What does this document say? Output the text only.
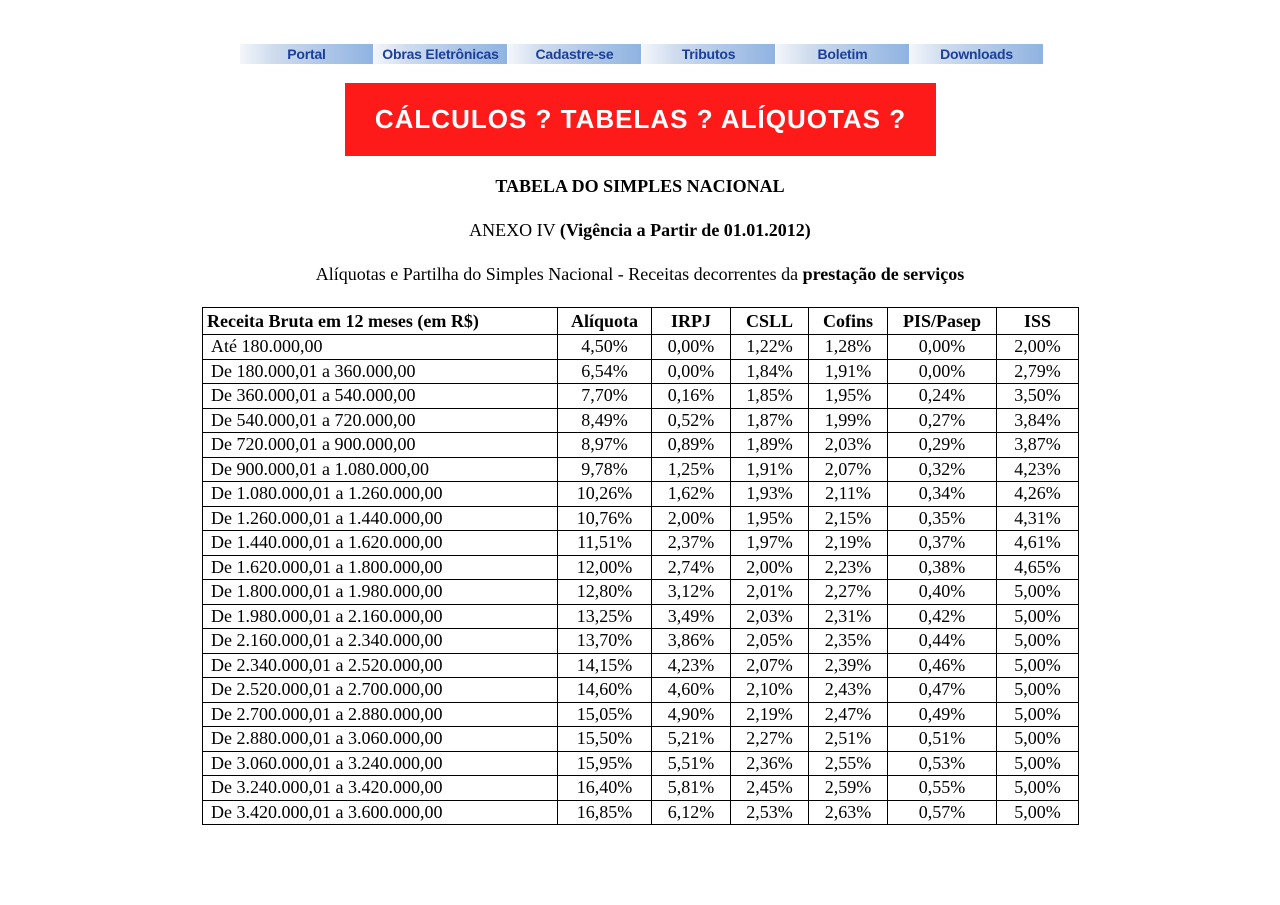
Portal	Obras Eletrônicas	Cadastre-se	Tributos	Boletim	Downloads
CÁLCULOS ? TABELAS ? ALÍQUOTAS ?
TABELA DO SIMPLES NACIONAL
ANEXO IV (Vigência a Partir de 01.01.2012)
Alíquotas e Partilha do Simples Nacional - Receitas decorrentes da prestação de serviços
Receita Bruta em 12 meses (em R$)	Alíquota	IRPJ	CSLL	Cofins	PIS/Pasep	ISS
Até 180.000,00	4,50%	0,00%	1,22%	1,28%	0,00%	2,00%
De 180.000,01 a 360.000,00	6,54%	0,00%	1,84%	1,91%	0,00%	2,79%
De 360.000,01 a 540.000,00	7,70%	0,16%	1,85%	1,95%	0,24%	3,50%
De 540.000,01 a 720.000,00	8,49%	0,52%	1,87%	1,99%	0,27%	3,84%
De 720.000,01 a 900.000,00	8,97%	0,89%	1,89%	2,03%	0,29%	3,87%
De 900.000,01 a 1.080.000,00	9,78%	1,25%	1,91%	2,07%	0,32%	4,23%
De 1.080.000,01 a 1.260.000,00	10,26%	1,62%	1,93%	2,11%	0,34%	4,26%
De 1.260.000,01 a 1.440.000,00	10,76%	2,00%	1,95%	2,15%	0,35%	4,31%
De 1.440.000,01 a 1.620.000,00	11,51%	2,37%	1,97%	2,19%	0,37%	4,61%
De 1.620.000,01 a 1.800.000,00	12,00%	2,74%	2,00%	2,23%	0,38%	4,65%
De 1.800.000,01 a 1.980.000,00	12,80%	3,12%	2,01%	2,27%	0,40%	5,00%
De 1.980.000,01 a 2.160.000,00	13,25%	3,49%	2,03%	2,31%	0,42%	5,00%
De 2.160.000,01 a 2.340.000,00	13,70%	3,86%	2,05%	2,35%	0,44%	5,00%
De 2.340.000,01 a 2.520.000,00	14,15%	4,23%	2,07%	2,39%	0,46%	5,00%
De 2.520.000,01 a 2.700.000,00	14,60%	4,60%	2,10%	2,43%	0,47%	5,00%
De 2.700.000,01 a 2.880.000,00	15,05%	4,90%	2,19%	2,47%	0,49%	5,00%
De 2.880.000,01 a 3.060.000,00	15,50%	5,21%	2,27%	2,51%	0,51%	5,00%
De 3.060.000,01 a 3.240.000,00	15,95%	5,51%	2,36%	2,55%	0,53%	5,00%
De 3.240.000,01 a 3.420.000,00	16,40%	5,81%	2,45%	2,59%	0,55%	5,00%
De 3.420.000,01 a 3.600.000,00	16,85%	6,12%	2,53%	2,63%	0,57%	5,00%
